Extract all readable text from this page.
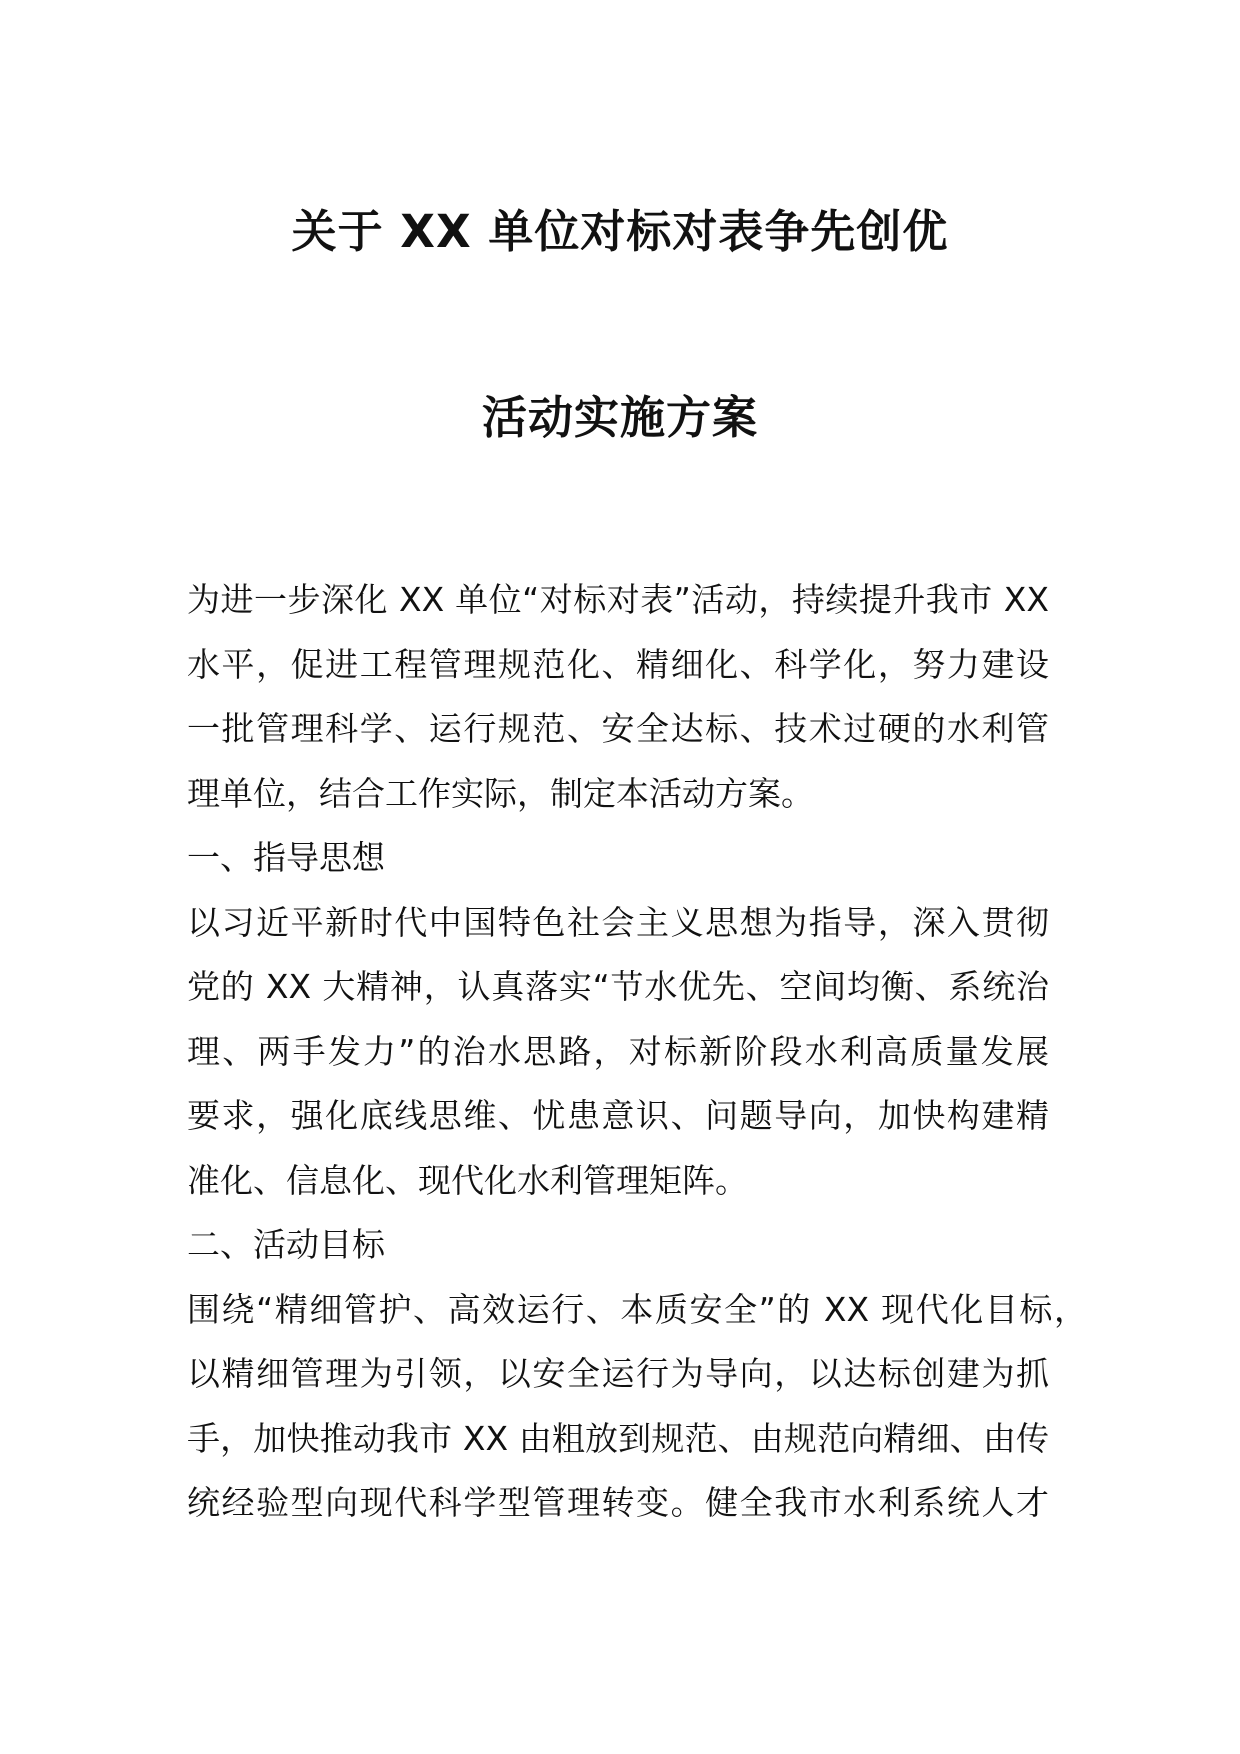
关于 XX 单位对标对表争先创优
活动实施方案
为进一步深化 XX 单位“对标对表”活动，持续提升我市 XX
水平，促进工程管理规范化、精细化、科学化，努力建设
一批管理科学、运行规范、安全达标、技术过硬的水利管
理单位，结合工作实际，制定本活动方案。
一、指导思想
以习近平新时代中国特色社会主义思想为指导，深入贯彻
党的 XX 大精神，认真落实“节水优先、空间均衡、系统治
理、两手发力”的治水思路，对标新阶段水利高质量发展
要求，强化底线思维、忧患意识、问题导向，加快构建精
准化、信息化、现代化水利管理矩阵。
二、活动目标
围绕“精细管护、高效运行、本质安全”的 XX 现代化目标，
以精细管理为引领，以安全运行为导向，以达标创建为抓
手，加快推动我市 XX 由粗放到规范、由规范向精细、由传
统经验型向现代科学型管理转变。健全我市水利系统人才
